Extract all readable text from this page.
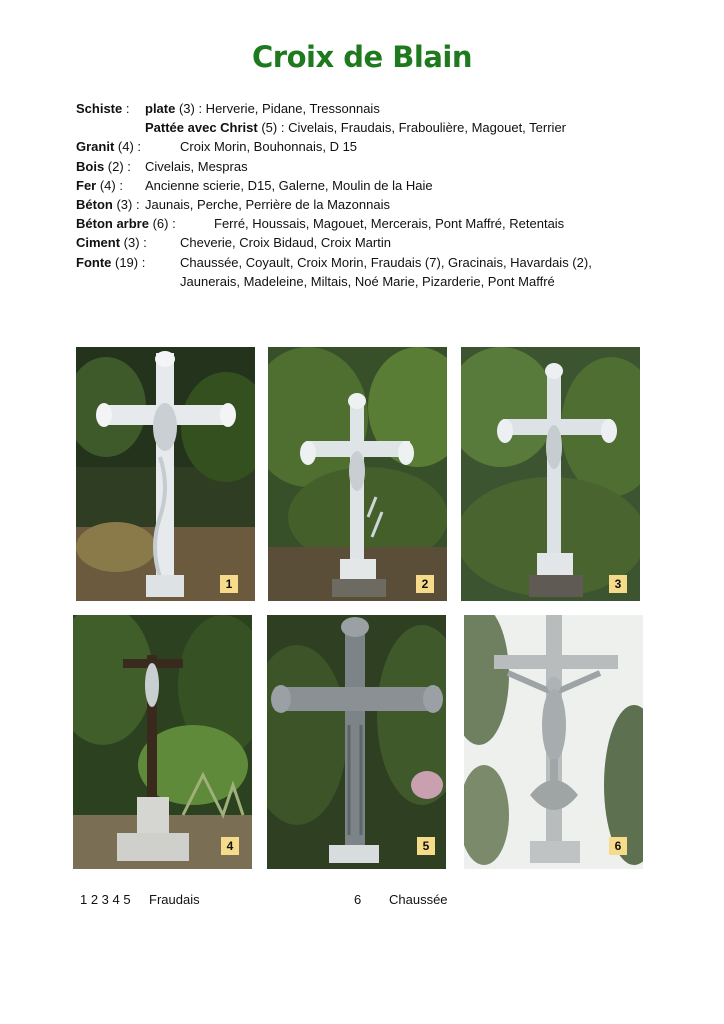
Croix de Blain
Schiste : plate (3) : Herverie, Pidane, Tressonnais
Pattée avec Christ (5) : Civelais, Fraudais, Fraboulière, Magouet, Terrier
Granit (4) :	Croix Morin, Bouhonnais, D 15
Bois (2) : Civelais, Mespras
Fer (4) : Ancienne scierie, D15, Galerne, Moulin de la Haie
Béton (3) : Jaunais, Perche, Perrière de la Mazonnais
Béton arbre (6) :	Ferré, Houssais, Magouet, Mercerais, Pont Maffré, Retentais
Ciment (3) :	Cheverie, Croix Bidaud, Croix Martin
Fonte (19) :	Chaussée, Coyault, Croix Morin, Fraudais (7), Gracinais, Havardais (2),
Jaunerais, Madeleine, Miltais, Noé Marie, Pizarderie, Pont Maffré
1	2	3
4	5	6
1 2 3 4 5 Fraudais	6 Chaussée
